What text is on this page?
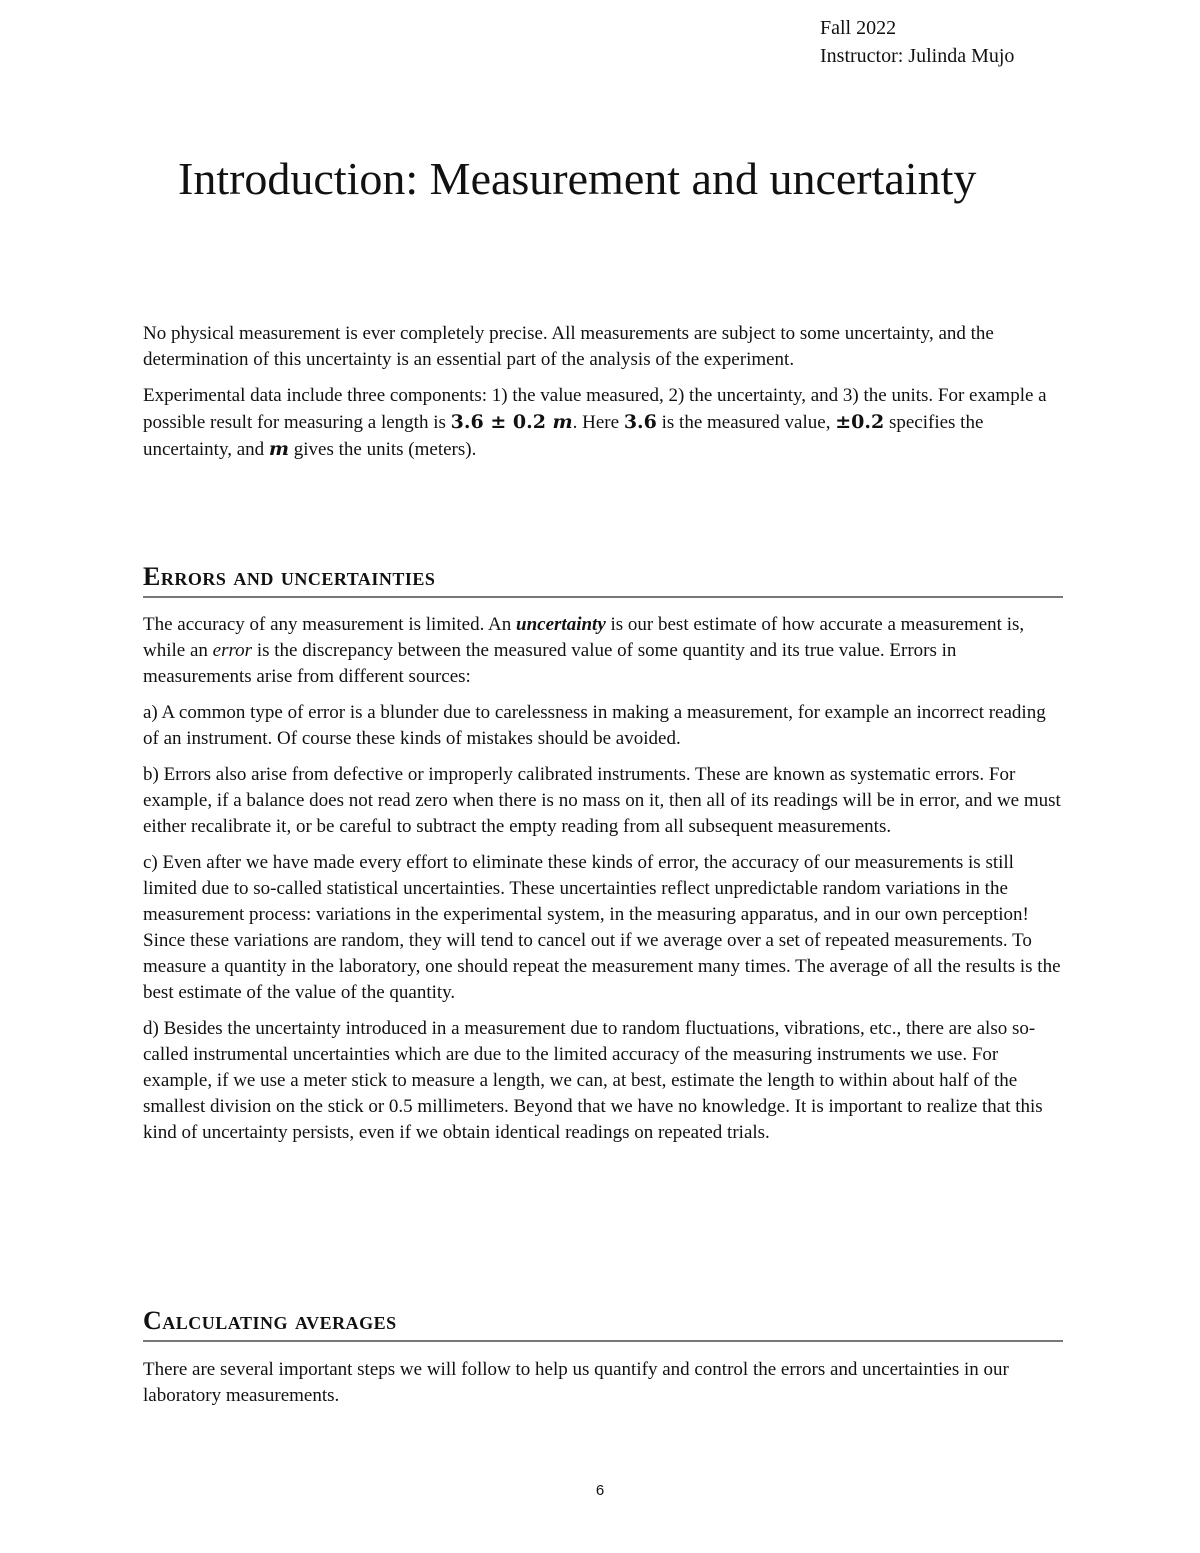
Fall 2022
Instructor: Julinda Mujo
Introduction: Measurement and uncertainty

No physical measurement is ever completely precise. All measurements are subject to some uncertainty, and the determination of this uncertainty is an essential part of the analysis of the experiment.

Experimental data include three components: 1) the value measured, 2) the uncertainty, and 3) the units. For example a possible result for measuring a length is 3.6 ± 0.2 m. Here 3.6 is the measured value, ±0.2 specifies the uncertainty, and m gives the units (meters).

Errors and uncertainties

The accuracy of any measurement is limited. An uncertainty is our best estimate of how accurate a measurement is, while an error is the discrepancy between the measured value of some quantity and its true value. Errors in measurements arise from different sources:

a) A common type of error is a blunder due to carelessness in making a measurement, for example an incorrect reading of an instrument. Of course these kinds of mistakes should be avoided.

b) Errors also arise from defective or improperly calibrated instruments. These are known as systematic errors. For example, if a balance does not read zero when there is no mass on it, then all of its readings will be in error, and we must either recalibrate it, or be careful to subtract the empty reading from all subsequent measurements.

c) Even after we have made every effort to eliminate these kinds of error, the accuracy of our measurements is still limited due to so-called statistical uncertainties. These uncertainties reflect unpredictable random variations in the measurement process: variations in the experimental system, in the measuring apparatus, and in our own perception! Since these variations are random, they will tend to cancel out if we average over a set of repeated measurements. To measure a quantity in the laboratory, one should repeat the measurement many times. The average of all the results is the best estimate of the value of the quantity.

d) Besides the uncertainty introduced in a measurement due to random fluctuations, vibrations, etc., there are also so-called instrumental uncertainties which are due to the limited accuracy of the measuring instruments we use. For example, if we use a meter stick to measure a length, we can, at best, estimate the length to within about half of the smallest division on the stick or 0.5 millimeters. Beyond that we have no knowledge. It is important to realize that this kind of uncertainty persists, even if we obtain identical readings on repeated trials.

Calculating averages

There are several important steps we will follow to help us quantify and control the errors and uncertainties in our laboratory measurements.

6
